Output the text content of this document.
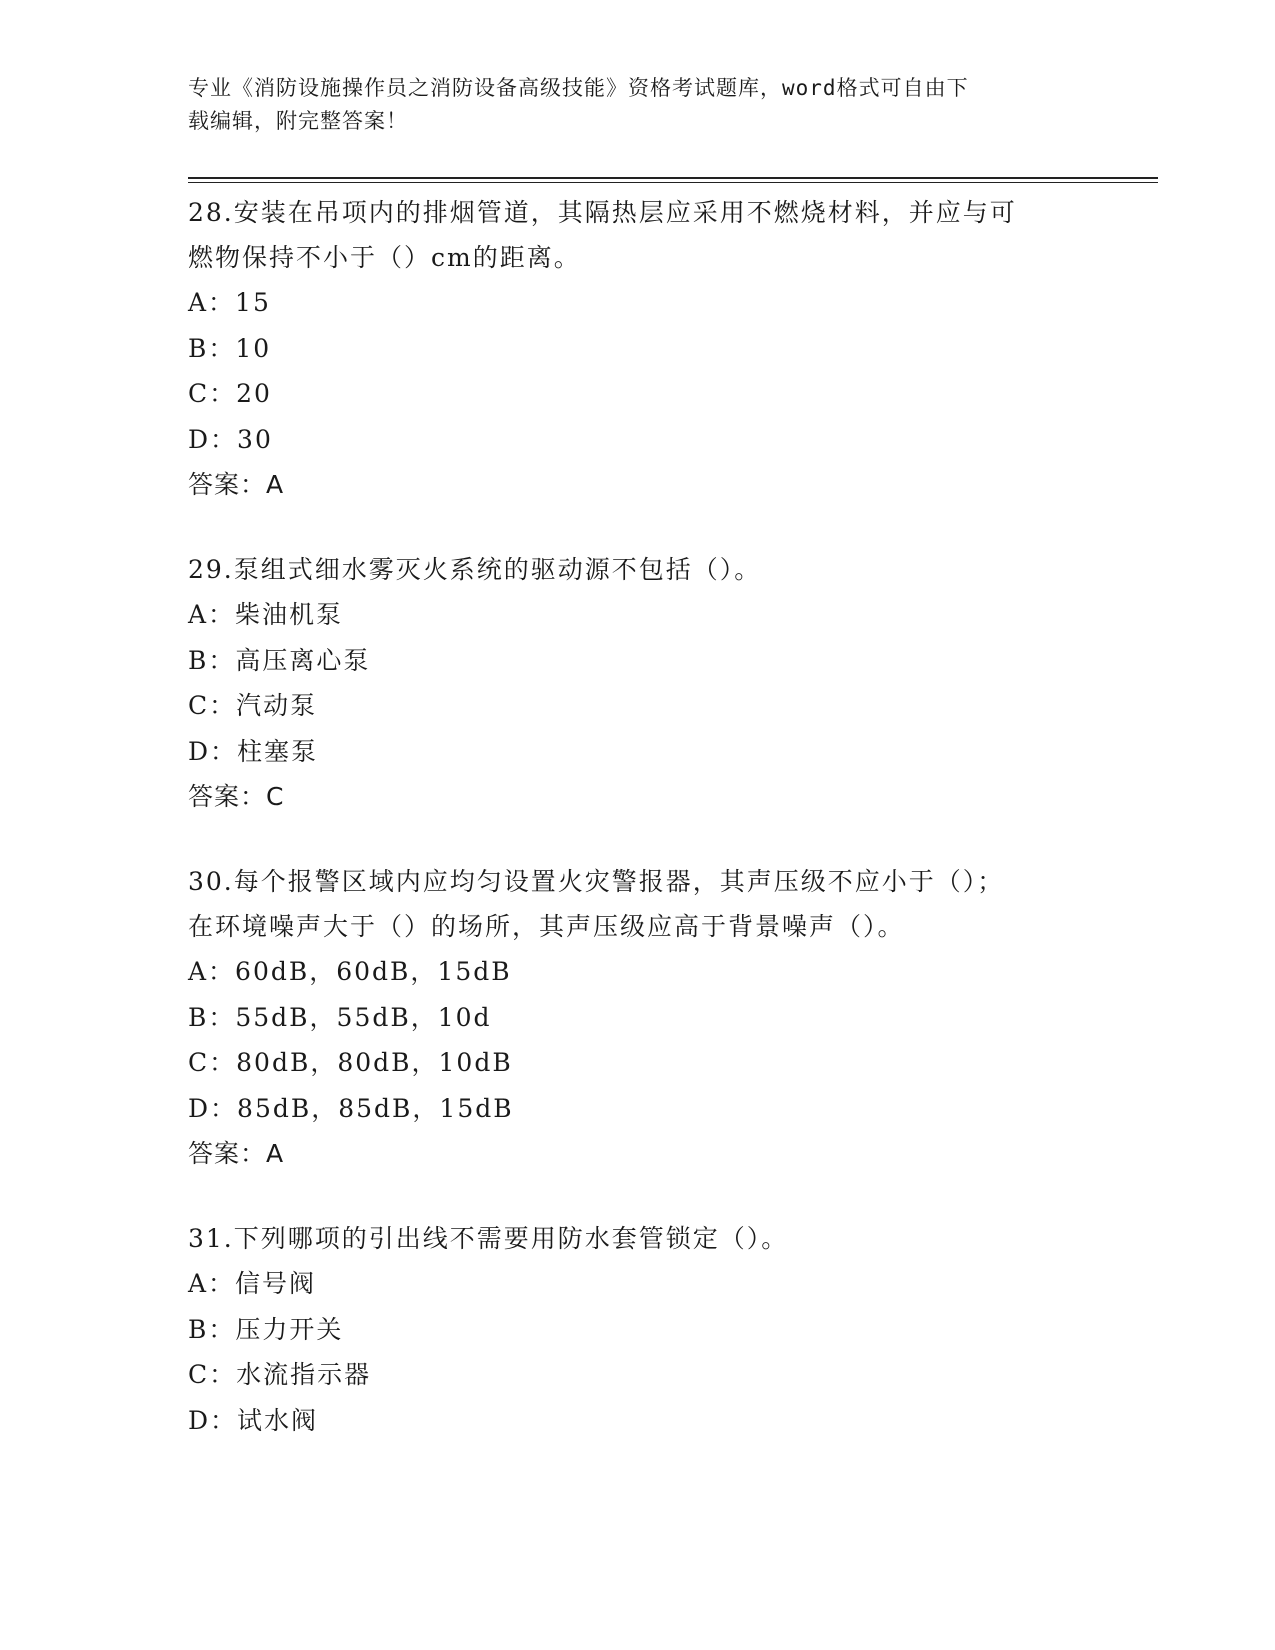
专业《消防设施操作员之消防设备高级技能》资格考试题库，word格式可自由下
载编辑，附完整答案！
28.安装在吊项内的排烟管道，其隔热层应采用不燃烧材料，并应与可
燃物保持不小于（）cm的距离。
A：15
B：10
C：20
D：30
答案：A
29.泵组式细水雾灭火系统的驱动源不包括（）。
A：柴油机泵
B：高压离心泵
C：汽动泵
D：柱塞泵
答案：C
30.每个报警区域内应均匀设置火灾警报器，其声压级不应小于（）；
在环境噪声大于（）的场所，其声压级应高于背景噪声（）。
A：60dB，60dB，15dB
B：55dB，55dB，10d
C：80dB，80dB，10dB
D：85dB，85dB，15dB
答案：A
31.下列哪项的引出线不需要用防水套管锁定（）。
A：信号阀
B：压力开关
C：水流指示器
D：试水阀
